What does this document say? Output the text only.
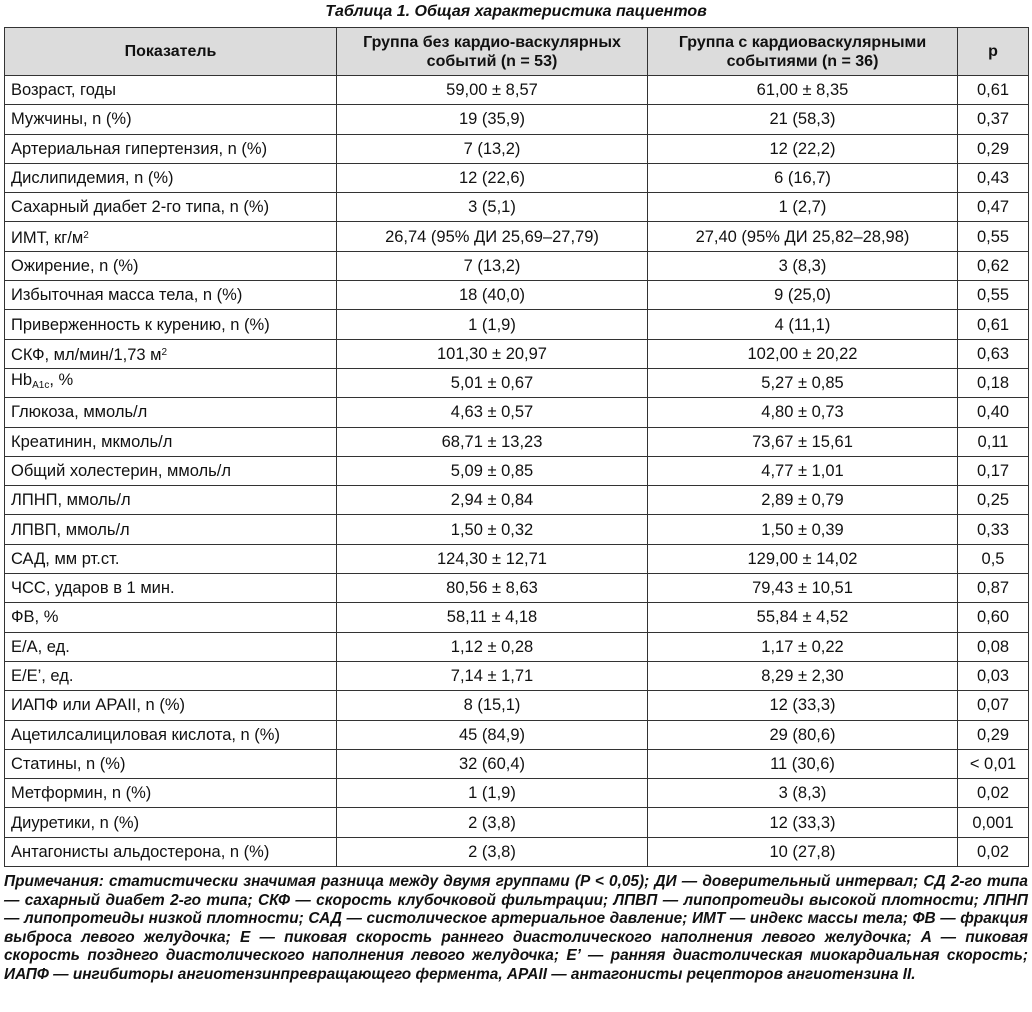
Таблица 1. Общая характеристика пациентов
Показатель	Группа без кардио-васкулярных событий (n = 53)	Группа с кардиоваскулярными событиями (n = 36)	p
Возраст, годы	59,00 ± 8,57	61,00 ± 8,35	0,61
Мужчины, n (%)	19 (35,9)	21 (58,3)	0,37
Артериальная гипертензия, n (%)	7 (13,2)	12 (22,2)	0,29
Дислипидемия, n (%)	12 (22,6)	6 (16,7)	0,43
Сахарный диабет 2-го типа, n (%)	3 (5,1)	1 (2,7)	0,47
ИМТ, $кг/м^2$	26,74 (95% ДИ 25,69–27,79)	27,40 (95% ДИ 25,82–28,98)	0,55
Ожирение, n (%)	7 (13,2)	3 (8,3)	0,62
Избыточная масса тела, n (%)	18 (40,0)	9 (25,0)	0,55
Приверженность к курению, n (%)	1 (1,9)	4 (11,1)	0,61
СКФ, мл/мин/1,73 $м^2$	101,30 ± 20,97	102,00 ± 20,22	0,63
$Hb_{A1c}$, %	5,01 ± 0,67	5,27 ± 0,85	0,18
Глюкоза, ммоль/л	4,63 ± 0,57	4,80 ± 0,73	0,40
Креатинин, мкмоль/л	68,71 ± 13,23	73,67 ± 15,61	0,11
Общий холестерин, ммоль/л	5,09 ± 0,85	4,77 ± 1,01	0,17
ЛПНП, ммоль/л	2,94 ± 0,84	2,89 ± 0,79	0,25
ЛПВП, ммоль/л	1,50 ± 0,32	1,50 ± 0,39	0,33
САД, мм рт.ст.	124,30 ± 12,71	129,00 ± 14,02	0,5
ЧСС, ударов в 1 мин.	80,56 ± 8,63	79,43 ± 10,51	0,87
ФВ, %	58,11 ± 4,18	55,84 ± 4,52	0,60
E/A, ед.	1,12 ± 0,28	1,17 ± 0,22	0,08
E/E’, ед.	7,14 ± 1,71	8,29 ± 2,30	0,03
ИАПФ или АРАII, n (%)	8 (15,1)	12 (33,3)	0,07
Ацетилсалициловая кислота, n (%)	45 (84,9)	29 (80,6)	0,29
Статины, n (%)	32 (60,4)	11 (30,6)	< 0,01
Метформин, n (%)	1 (1,9)	3 (8,3)	0,02
Диуретики, n (%)	2 (3,8)	12 (33,3)	0,001
Антагонисты альдостерона, n (%)	2 (3,8)	10 (27,8)	0,02
Примечания: статистически значимая разница между двумя группами (P < 0,05); ДИ — доверительный интервал; СД 2-го типа — сахарный диабет 2-го типа; СКФ — скорость клубочковой фильтрации; ЛПВП — липопротеиды высокой плотности; ЛПНП — липопротеиды низкой плотности; САД — систолическое артериальное давление; ИМТ — индекс массы тела; ФВ — фракция выброса левого желудочка; E — пиковая скорость раннего диастолического наполнения левого желудочка; A — пиковая скорость позднего диастолического наполнения левого желудочка; E’ — ранняя диастолическая миокардиальная скорость; ИАПФ — ингибиторы ангиотензинпревращающего фермента, АРАII — антагонисты рецепторов ангиотензина II.
